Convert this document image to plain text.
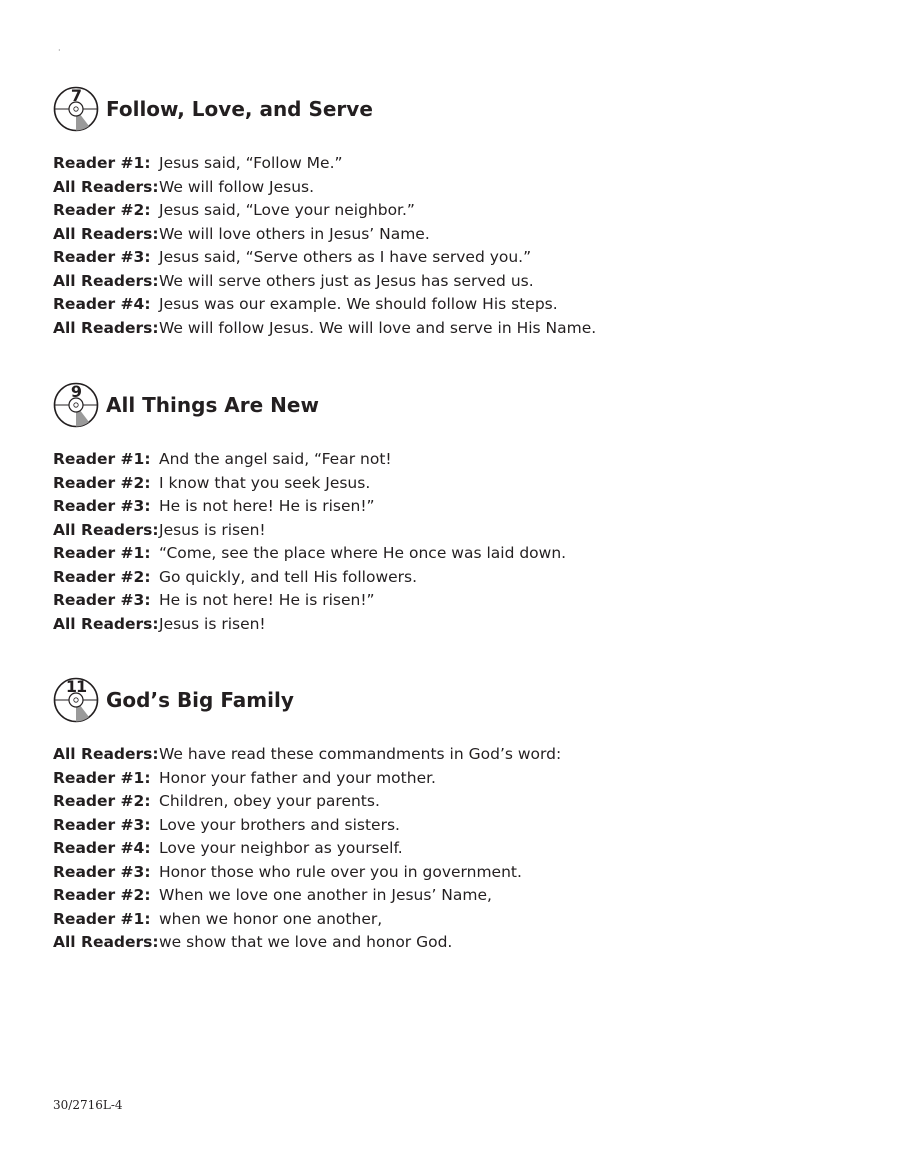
·
7
Follow, Love, and Serve
Reader #1: Jesus said, “Follow Me.”
All Readers: We will follow Jesus.
Reader #2: Jesus said, “Love your neighbor.”
All Readers: We will love others in Jesus’ Name.
Reader #3: Jesus said, “Serve others as I have served you.”
All Readers: We will serve others just as Jesus has served us.
Reader #4: Jesus was our example. We should follow His steps.
All Readers: We will follow Jesus. We will love and serve in His Name.
9
All Things Are New
Reader #1: And the angel said, “Fear not!
Reader #2: I know that you seek Jesus.
Reader #3: He is not here! He is risen!”
All Readers: Jesus is risen!
Reader #1: “Come, see the place where He once was laid down.
Reader #2: Go quickly, and tell His followers.
Reader #3: He is not here! He is risen!”
All Readers: Jesus is risen!
11
God’s Big Family
All Readers: We have read these commandments in God’s word:
Reader #1: Honor your father and your mother.
Reader #2: Children, obey your parents.
Reader #3: Love your brothers and sisters.
Reader #4: Love your neighbor as yourself.
Reader #3: Honor those who rule over you in government.
Reader #2: When we love one another in Jesus’ Name,
Reader #1: when we honor one another,
All Readers: we show that we love and honor God.
30/2716L-4
